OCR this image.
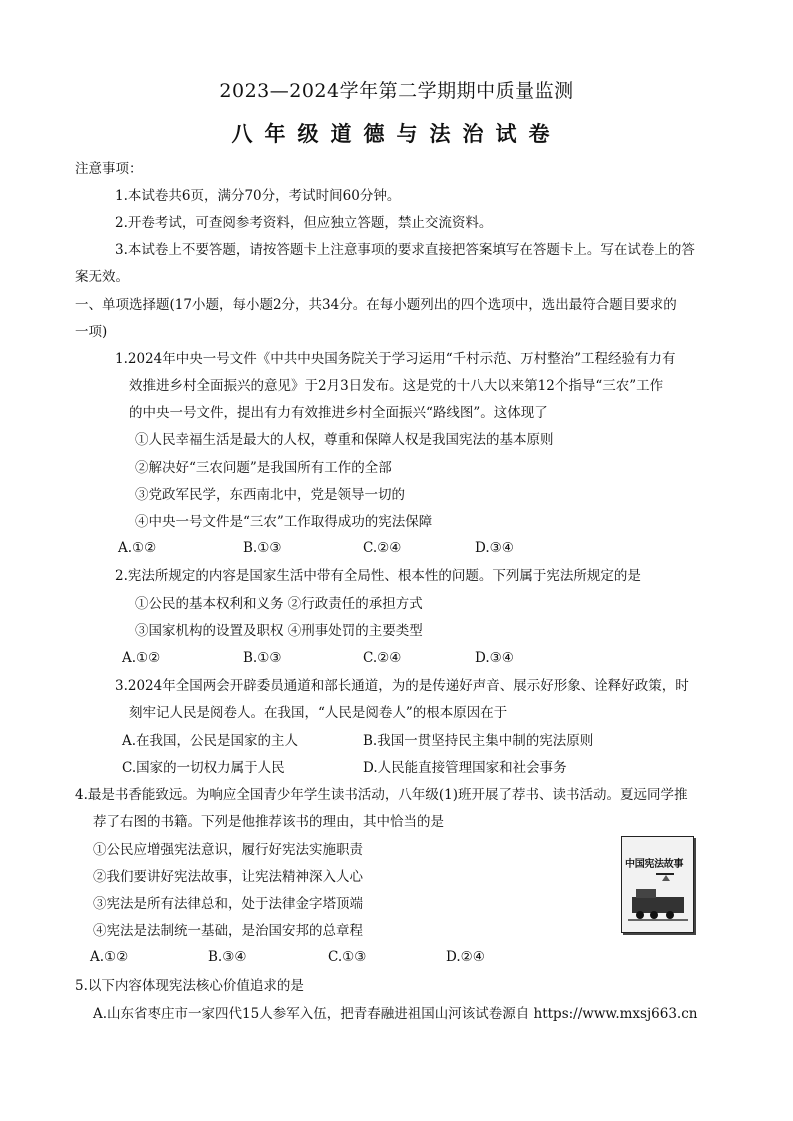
2023—2024学年第二学期期中质量监测
八年级道德与法治试卷
注意事项：
1.本试卷共6页，满分70分，考试时间60分钟。
2.开卷考试，可查阅参考资料，但应独立答题，禁止交流资料。
3.本试卷上不要答题，请按答题卡上注意事项的要求直接把答案填写在答题卡上。写在试卷上的答
案无效。
一、单项选择题(17小题，每小题2分，共34分。在每小题列出的四个选项中，选出最符合题目要求的
一项)
1.2024年中央一号文件《中共中央国务院关于学习运用“千村示范、万村整治”工程经验有力有
效推进乡村全面振兴的意见》于2月3日发布。这是党的十八大以来第12个指导“三农”工作
的中央一号文件，提出有力有效推进乡村全面振兴“路线图”。这体现了
①人民幸福生活是最大的人权，尊重和保障人权是我国宪法的基本原则
②解决好“三农问题”是我国所有工作的全部
③党政军民学，东西南北中，党是领导一切的
④中央一号文件是“三农”工作取得成功的宪法保障
A.①②	B.①③	C.②④	D.③④
2.宪法所规定的内容是国家生活中带有全局性、根本性的问题。下列属于宪法所规定的是
①公民的基本权利和义务 ②行政责任的承担方式
③国家机构的设置及职权 ④刑事处罚的主要类型
A.①②	B.①③	C.②④	D.③④
3.2024年全国两会开辟委员通道和部长通道，为的是传递好声音、展示好形象、诠释好政策，时
刻牢记人民是阅卷人。在我国，“人民是阅卷人”的根本原因在于
A.在我国，公民是国家的主人	B.我国一贯坚持民主集中制的宪法原则
C.国家的一切权力属于人民	D.人民能直接管理国家和社会事务
4.最是书香能致远。为响应全国青少年学生读书活动，八年级(1)班开展了荐书、读书活动。夏远同学推
荐了右图的书籍。下列是他推荐该书的理由，其中恰当的是
①公民应增强宪法意识，履行好宪法实施职责
②我们要讲好宪法故事，让宪法精神深入人心
③宪法是所有法律总和，处于法律金字塔顶端
④宪法是法制统一基础，是治国安邦的总章程
A.①②	B.③④	C.①③	D.②④
中国宪法故事
5.以下内容体现宪法核心价值追求的是
A.山东省枣庄市一家四代15人参军入伍，把青春融进祖国山河该试卷源自 https://www.mxsj663.cn
